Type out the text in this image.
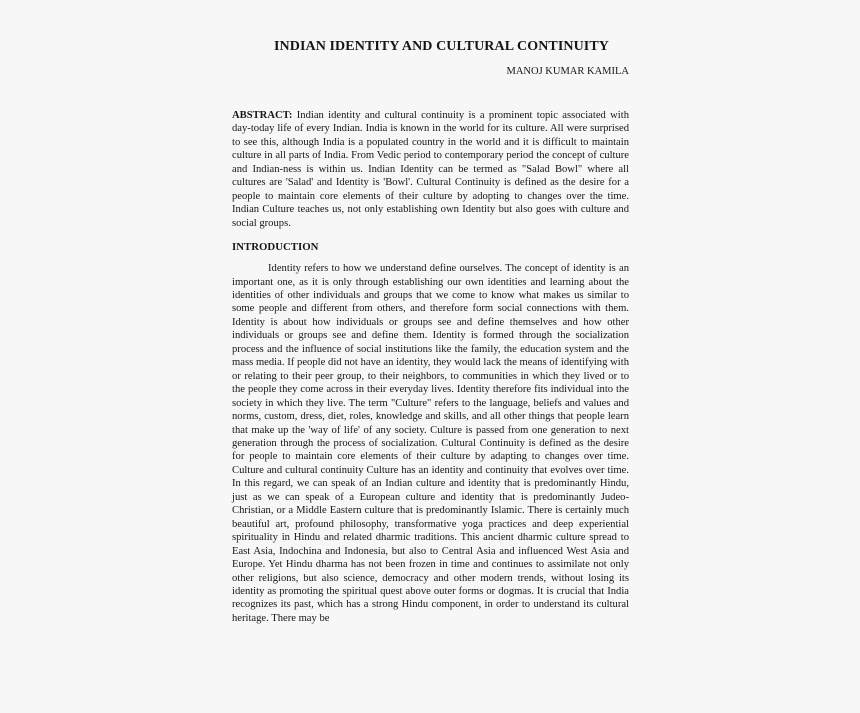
INDIAN IDENTITY AND CULTURAL CONTINUITY
MANOJ KUMAR KAMILA

ABSTRACT: Indian identity and cultural continuity is a prominent topic associated with day-today life of every Indian. India is known in the world for its culture. All were surprised to see this, although India is a populated country in the world and it is difficult to maintain culture in all parts of India. From Vedic period to contemporary period the concept of culture and Indian-ness is within us. Indian Identity can be termed as "Salad Bowl" where all cultures are 'Salad' and Identity is 'Bowl'. Cultural Continuity is defined as the desire for a people to maintain core elements of their culture by adopting to changes over the time. Indian Culture teaches us, not only establishing own Identity but also goes with culture and social groups.

INTRODUCTION

Identity refers to how we understand define ourselves. The concept of identity is an important one, as it is only through establishing our own identities and learning about the identities of other individuals and groups that we come to know what makes us similar to some people and different from others, and therefore form social connections with them. Identity is about how individuals or groups see and define themselves and how other individuals or groups see and define them. Identity is formed through the socialization process and the influence of social institutions like the family, the education system and the mass media. If people did not have an identity, they would lack the means of identifying with or relating to their peer group, to their neighbors, to communities in which they lived or to the people they come across in their everyday lives. Identity therefore fits individual into the society in which they live. The term "Culture" refers to the language, beliefs and values and norms, custom, dress, diet, roles, knowledge and skills, and all other things that people learn that make up the 'way of life' of any society. Culture is passed from one generation to next generation through the process of socialization. Cultural Continuity is defined as the desire for people to maintain core elements of their culture by adapting to changes over time. Culture and cultural continuity Culture has an identity and continuity that evolves over time. In this regard, we can speak of an Indian culture and identity that is predominantly Hindu, just as we can speak of a European culture and identity that is predominantly Judeo-Christian, or a Middle Eastern culture that is predominantly Islamic. There is certainly much beautiful art, profound philosophy, transformative yoga practices and deep experiential spirituality in Hindu and related dharmic traditions. This ancient dharmic culture spread to East Asia, Indochina and Indonesia, but also to Central Asia and influenced West Asia and Europe. Yet Hindu dharma has not been frozen in time and continues to assimilate not only other religions, but also science, democracy and other modern trends, without losing its identity as promoting the spiritual quest above outer forms or dogmas. It is crucial that India recognizes its past, which has a strong Hindu component, in order to understand its cultural heritage. There may be
